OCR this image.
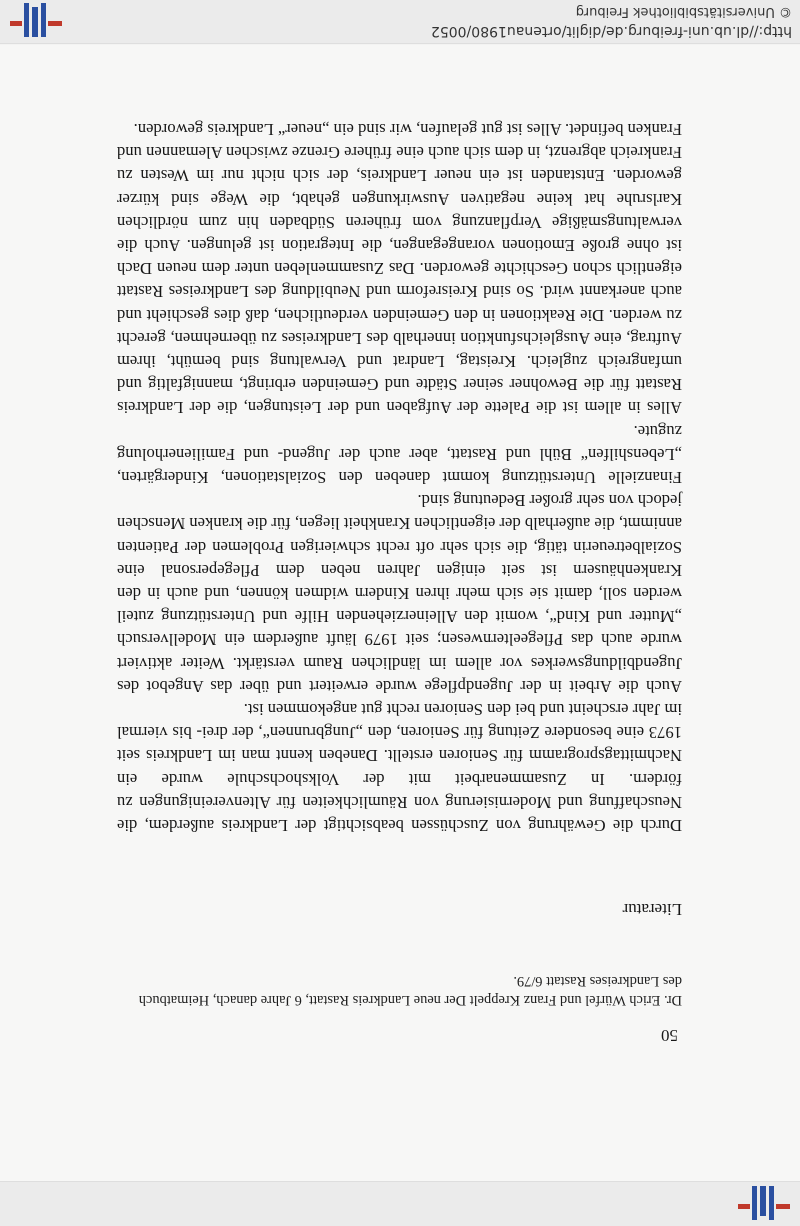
Durch die Gewährung von Zuschüssen beabsichtigt der Landkreis außerdem, die Neuschaffung und Modernisierung von Räumlichkeiten für Altenvereinigungen zu fördern. In Zusammenarbeit mit der Volkshochschule wurde ein Nachmittagsprogramm für Senioren erstellt. Daneben kennt man im Landkreis seit 1973 eine besondere Zeitung für Senioren, den „Jungbrunnen“, der drei- bis viermal im Jahr erscheint und bei den Senioren recht gut angekommen ist.

Auch die Arbeit in der Jugendpflege wurde erweitert und über das Angebot des Jugendbildungswerkes vor allem im ländlichen Raum verstärkt. Weiter aktiviert wurde auch das Pflegeelternwesen; seit 1979 läuft außerdem ein Modellversuch „Mutter und Kind“, womit den Alleinerziehenden Hilfe und Unterstützung zuteil werden soll, damit sie sich mehr ihren Kindern widmen können, und auch in den Krankenhäusern ist seit einigen Jahren neben dem Pflegepersonal eine Sozialbetreuerin tätig, die sich sehr oft recht schwierigen Problemen der Patienten annimmt, die außerhalb der eigentlichen Krankheit liegen, für die kranken Menschen jedoch von sehr großer Bedeutung sind.

Finanzielle Unterstützung kommt daneben den Sozialstationen, Kindergärten, „Lebenshilfen“ Bühl und Rastatt, aber auch der Jugend- und Familienerholung zugute.

Alles in allem ist die Palette der Aufgaben und der Leistungen, die der Landkreis Rastatt für die Bewohner seiner Städte und Gemeinden erbringt, mannigfaltig und umfangreich zugleich. Kreistag, Landrat und Verwaltung sind bemüht, ihrem Auftrag, eine Ausgleichsfunktion innerhalb des Landkreises zu übernehmen, gerecht zu werden. Die Reaktionen in den Gemeinden verdeutlichen, daß dies geschieht und auch anerkannt wird. So sind Kreisreform und Neubildung des Landkreises Rastatt eigentlich schon Geschichte geworden. Das Zusammenleben unter dem neuen Dach ist ohne große Emotionen vorangegangen, die Integration ist gelungen. Auch die verwaltungsmäßige Verpflanzung vom früheren Südbaden hin zum nördlichen Karlsruhe hat keine negativen Auswirkungen gehabt, die Wege sind kürzer geworden. Entstanden ist ein neuer Landkreis, der sich nicht nur im Westen zu Frankreich abgrenzt, in dem sich auch eine frühere Grenze zwischen Alemannen und Franken befindet. Alles ist gut gelaufen, wir sind ein „neuer“ Landkreis geworden.

Literatur
Dr. Erich Würfel und Franz Kreppelt Der neue Landkreis Rastatt, 6 Jahre danach, Heimatbuch des Landkreises Rastatt 6/79.
50
http://dl.ub.uni-freiburg.de/diglit/ortenau1980/0052
© Universitätsbibliothek Freiburg
